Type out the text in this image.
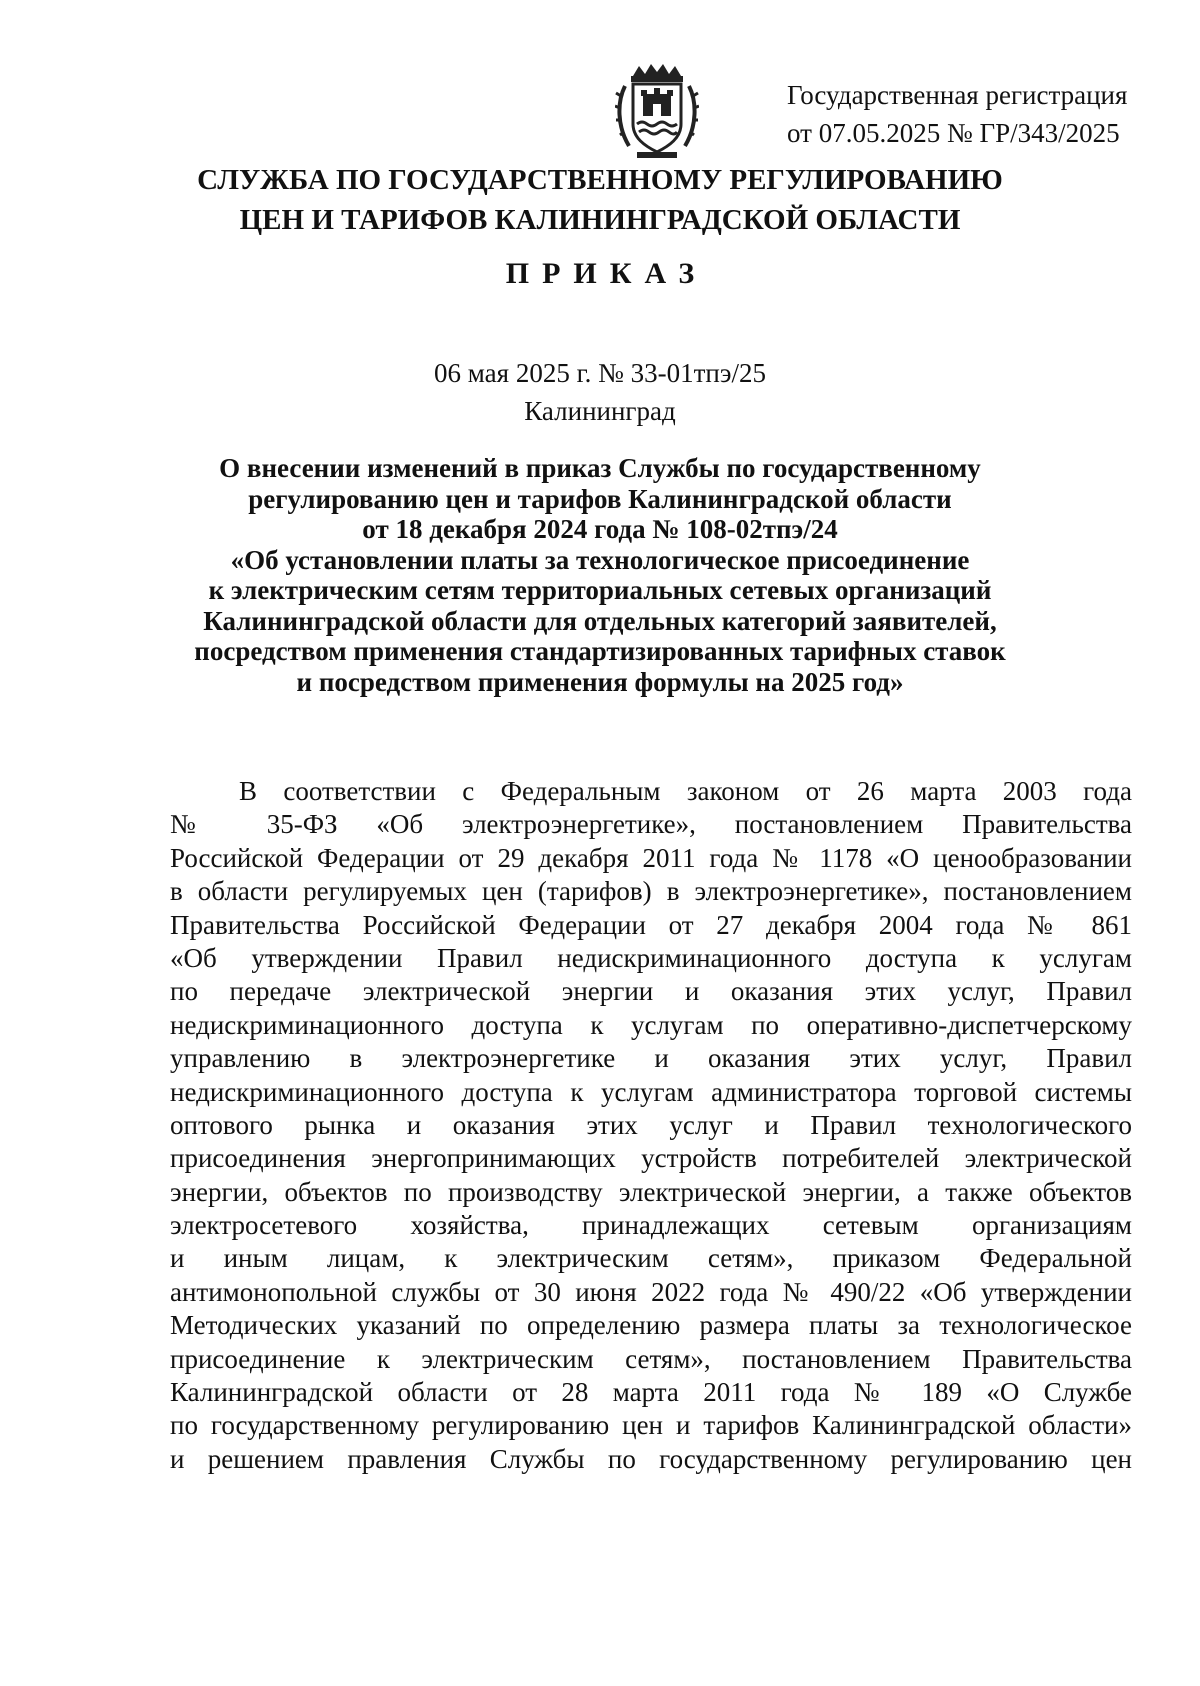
Государственная регистрация
от 07.05.2025 № ГР/343/2025
СЛУЖБА ПО ГОСУДАРСТВЕННОМУ РЕГУЛИРОВАНИЮ
ЦЕН И ТАРИФОВ КАЛИНИНГРАДСКОЙ ОБЛАСТИ
ПРИКАЗ
06 мая 2025 г. № 33-01тпэ/25
Калининград
О внесении изменений в приказ Службы по государственному
регулированию цен и тарифов Калининградской области
от 18 декабря 2024 года № 108-02тпэ/24
«Об установлении платы за технологическое присоединение
к электрическим сетям территориальных сетевых организаций
Калининградской области для отдельных категорий заявителей,
посредством применения стандартизированных тарифных ставок
и посредством применения формулы на 2025 год»
В соответствии с Федеральным законом от 26 марта 2003 года
№ 35-ФЗ «Об электроэнергетике», постановлением Правительства
Российской Федерации от 29 декабря 2011 года № 1178 «О ценообразовании
в области регулируемых цен (тарифов) в электроэнергетике», постановлением
Правительства Российской Федерации от 27 декабря 2004 года № 861
«Об утверждении Правил недискриминационного доступа к услугам
по передаче электрической энергии и оказания этих услуг, Правил
недискриминационного доступа к услугам по оперативно-диспетчерскому
управлению в электроэнергетике и оказания этих услуг, Правил
недискриминационного доступа к услугам администратора торговой системы
оптового рынка и оказания этих услуг и Правил технологического
присоединения энергопринимающих устройств потребителей электрической
энергии, объектов по производству электрической энергии, а также объектов
электросетевого хозяйства, принадлежащих сетевым организациям
и иным лицам, к электрическим сетям», приказом Федеральной
антимонопольной службы от 30 июня 2022 года № 490/22 «Об утверждении
Методических указаний по определению размера платы за технологическое
присоединение к электрическим сетям», постановлением Правительства
Калининградской области от 28 марта 2011 года № 189 «О Службе
по государственному регулированию цен и тарифов Калининградской области»
и решением правления Службы по государственному регулированию цен
